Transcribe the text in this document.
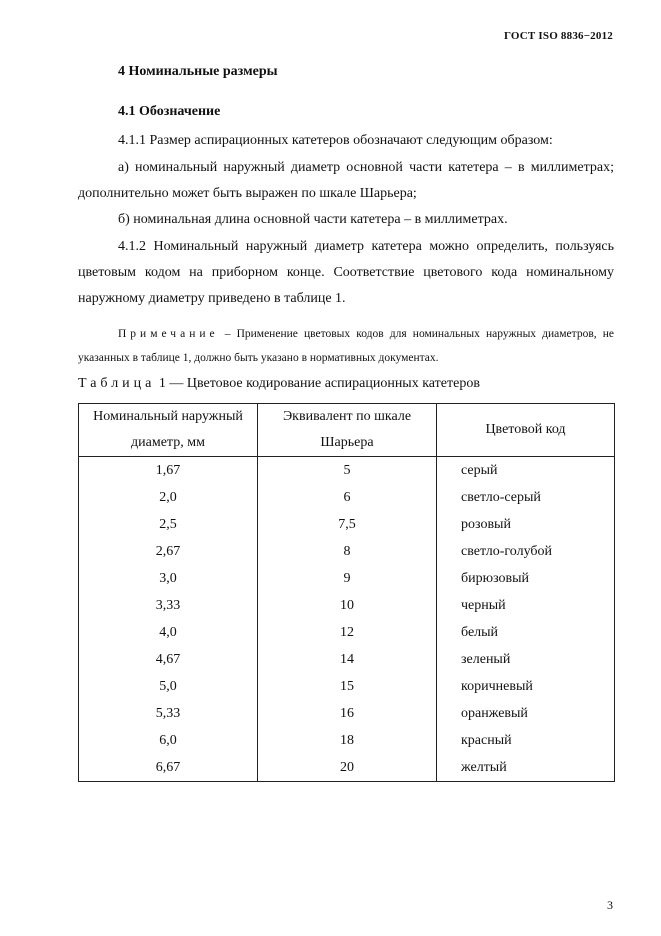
ГОСТ ISO 8836−2012
4 Номинальные размеры
4.1 Обозначение
4.1.1 Размер аспирационных катетеров обозначают следующим образом:
а) номинальный наружный диаметр основной части катетера – в миллиметрах; дополнительно может быть выражен по шкале Шарьера;
б) номинальная длина основной части катетера – в миллиметрах.
4.1.2 Номинальный наружный диаметр катетера можно определить, пользуясь цветовым кодом на приборном конце. Соответствие цветового кода номинальному наружному диаметру приведено в таблице 1.
Примечание – Применение цветовых кодов для номинальных наружных диаметров, не указанных в таблице 1, должно быть указано в нормативных документах.
Таблица 1 — Цветовое кодирование аспирационных катетеров
Номинальный наружный диаметр, мм	Эквивалент по шкале Шарьера	Цветовой код
1,67	5	серый
2,0	6	светло-серый
2,5	7,5	розовый
2,67	8	светло-голубой
3,0	9	бирюзовый
3,33	10	черный
4,0	12	белый
4,67	14	зеленый
5,0	15	коричневый
5,33	16	оранжевый
6,0	18	красный
6,67	20	желтый
3
